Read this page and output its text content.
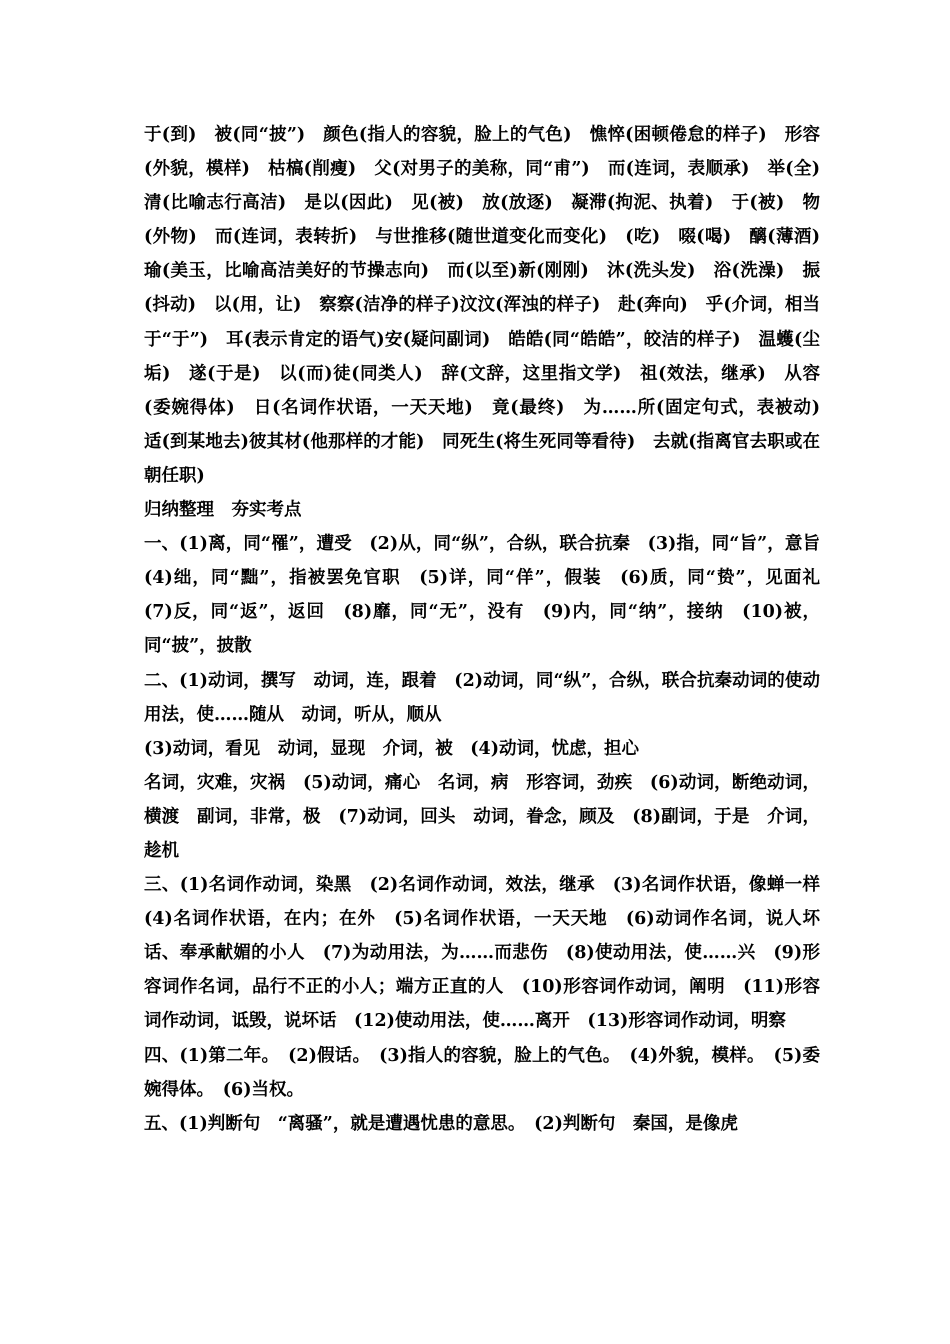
于(到)　被(同“披”)　颜色(指人的容貌，脸上的气色)　憔悴(困顿倦怠的样子)　形容(外貌，模样)　枯槁(削瘦)　父(对男子的美称，同“甫”)　而(连词，表顺承)　举(全)　清(比喻志行高洁)　是以(因此)　见(被)　放(放逐)　凝滞(拘泥、执着)　于(被)　物(外物)　而(连词，表转折)　与世推移(随世道变化而变化)　(吃)　啜(喝)　醨(薄酒)　瑜(美玉，比喻高洁美好的节操志向)　而(以至)新(刚刚)　沐(洗头发)　浴(洗澡)　振(抖动)　以(用，让)　察察(洁净的样子)汶汶(浑浊的样子)　赴(奔向)　乎(介词，相当于“于”)　耳(表示肯定的语气)安(疑问副词)　皓皓(同“皓皓”，皎洁的样子)　温蠖(尘垢)　遂(于是)　以(而)徒(同类人)　辞(文辞，这里指文学)　祖(效法，继承)　从容(委婉得体)　日(名词作状语，一天天地)　竟(最终)　为……所(固定句式，表被动)　适(到某地去)彼其材(他那样的才能)　同死生(将生死同等看待)　去就(指离官去职或在朝任职)

归纳整理　夯实考点

一、(1)离，同“罹”，遭受　(2)从，同“纵”，合纵，联合抗秦　(3)指，同“旨”，意旨　(4)绌，同“黜”，指被罢免官职　(5)详，同“佯”，假装　(6)质，同“贽”，见面礼　(7)反，同“返”，返回　(8)靡，同“无”，没有　(9)内，同“纳”，接纳　(10)被，同“披”，披散

二、(1)动词，撰写　动词，连，跟着　(2)动词，同“纵”，合纵，联合抗秦动词的使动用法，使……随从　动词，听从，顺从

(3)动词，看见　动词，显现　介词，被　(4)动词，忧虑，担心

名词，灾难，灾祸　(5)动词，痛心　名词，病　形容词，劲疾　(6)动词，断绝动词，横渡　副词，非常，极　(7)动词，回头　动词，眷念，顾及　(8)副词，于是　介词，趁机

三、(1)名词作动词，染黑　(2)名词作动词，效法，继承　(3)名词作状语，像蝉一样　(4)名词作状语，在内；在外　(5)名词作状语，一天天地　(6)动词作名词，说人坏话、奉承献媚的小人　(7)为动用法，为……而悲伤　(8)使动用法，使……兴　(9)形容词作名词，品行不正的小人；端方正直的人　(10)形容词作动词，阐明　(11)形容词作动词，诋毁，说坏话　(12)使动用法，使……离开　(13)形容词作动词，明察

四、(1)第二年。　(2)假话。　(3)指人的容貌，脸上的气色。　(4)外貌，模样。　(5)委婉得体。　(6)当权。

五、(1)判断句　“离骚”，就是遭遇忧患的意思。　(2)判断句　秦国，是像虎
